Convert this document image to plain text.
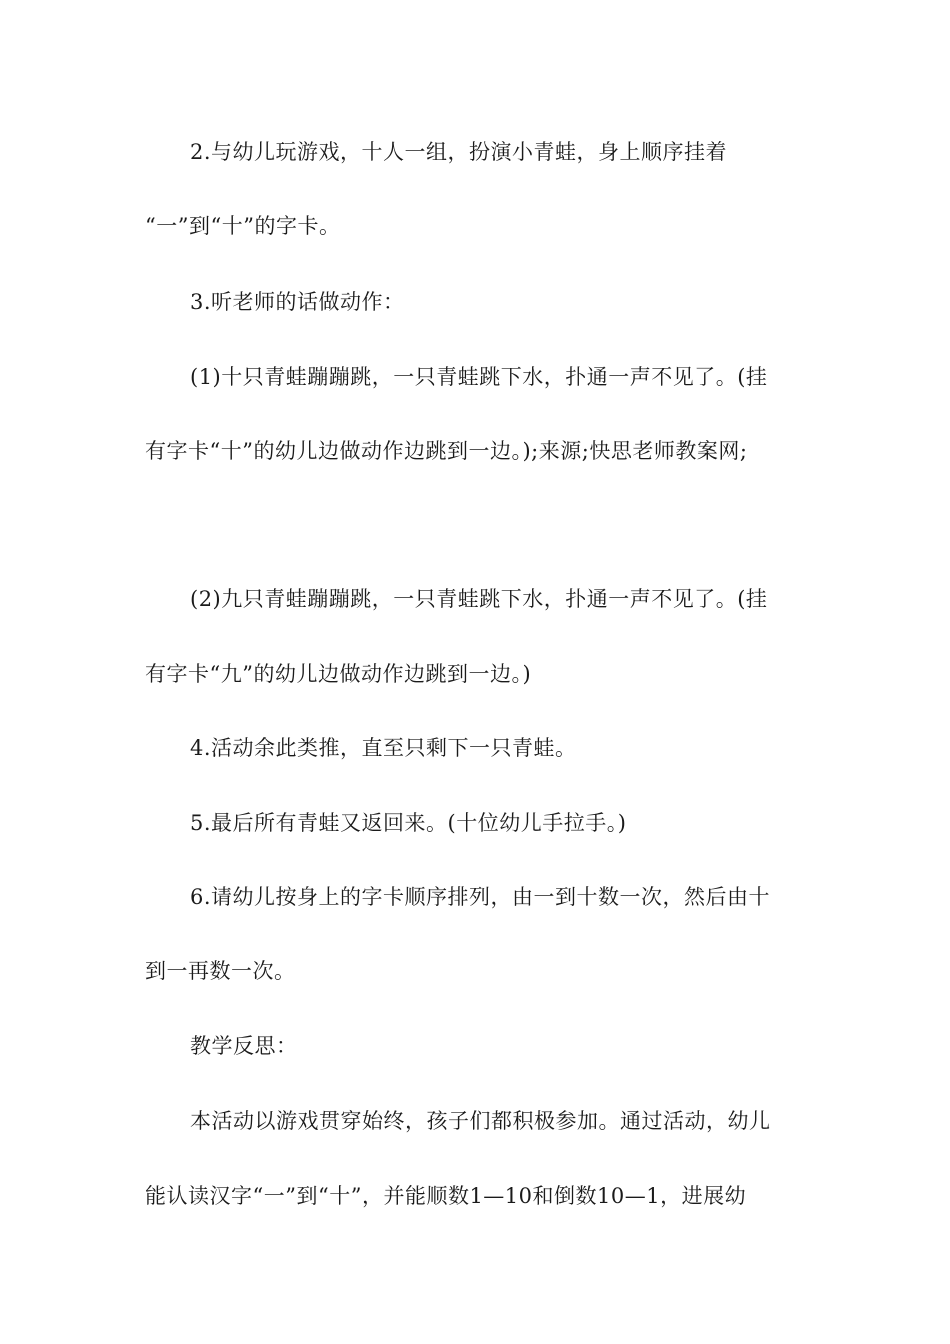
2.与幼儿玩游戏，十人一组，扮演小青蛙，身上顺序挂着
“一”到“十”的字卡。
3.听老师的话做动作：
(1)十只青蛙蹦蹦跳，一只青蛙跳下水，扑通一声不见了。(挂
有字卡“十”的幼儿边做动作边跳到一边。);来源;快思老师教案网;
(2)九只青蛙蹦蹦跳，一只青蛙跳下水，扑通一声不见了。(挂
有字卡“九”的幼儿边做动作边跳到一边。)
4.活动余此类推，直至只剩下一只青蛙。
5.最后所有青蛙又返回来。(十位幼儿手拉手。)
6.请幼儿按身上的字卡顺序排列，由一到十数一次，然后由十
到一再数一次。
教学反思：
本活动以游戏贯穿始终，孩子们都积极参加。通过活动，幼儿
能认读汉字“一”到“十”，并能顺数1—10和倒数10—1，进展幼
